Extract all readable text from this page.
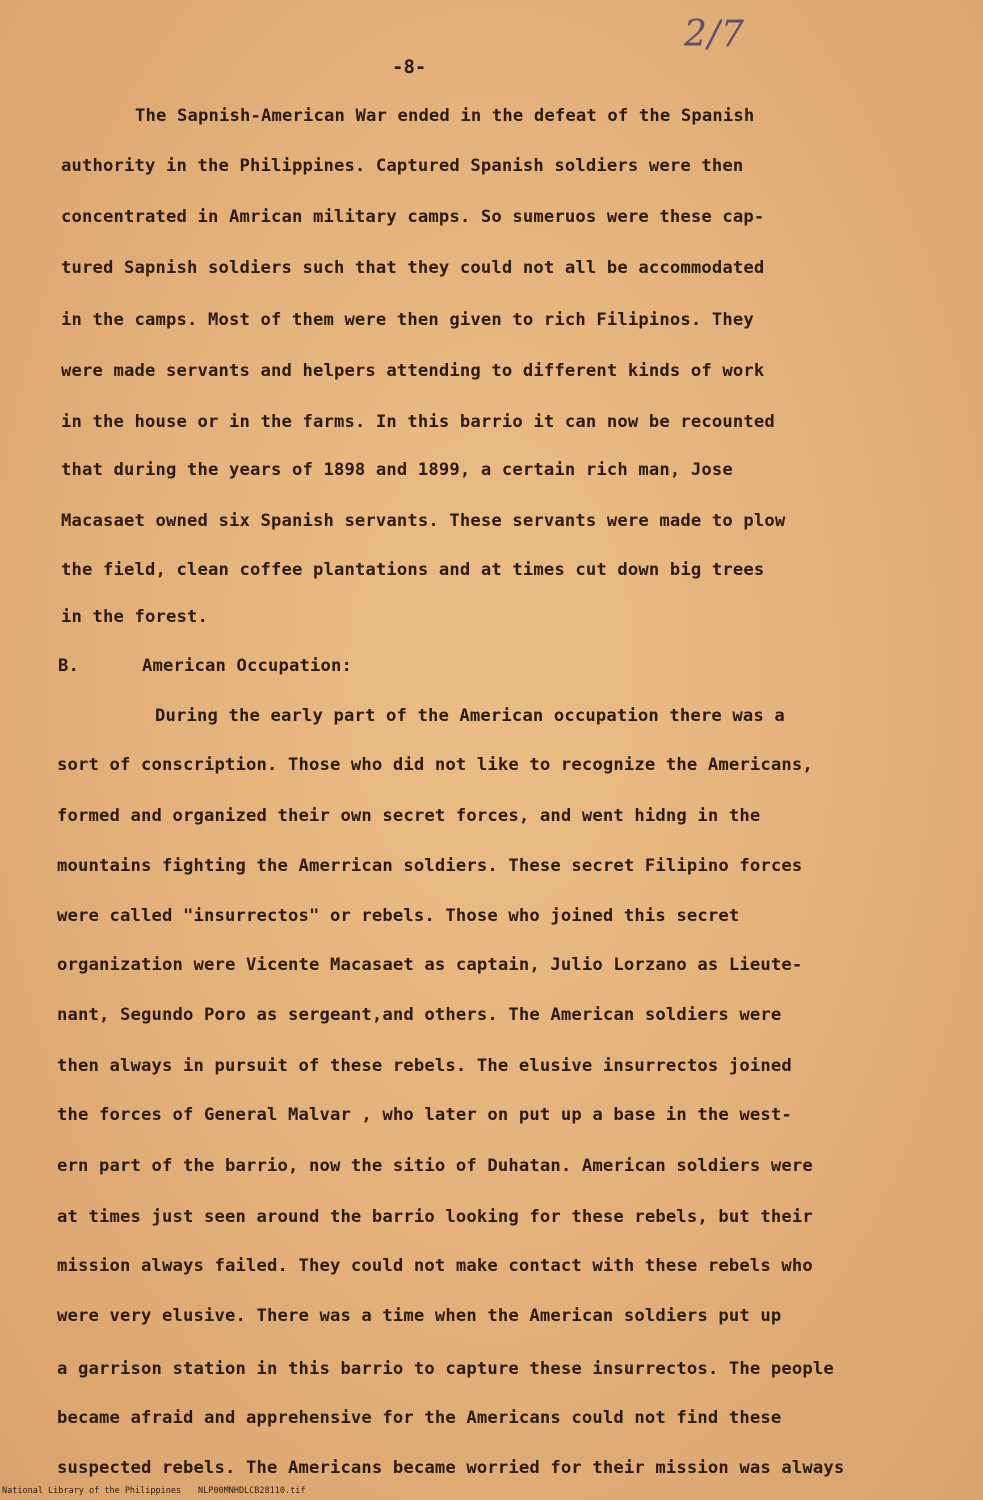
2/7
-8-
The Sapnish-American War ended in the defeat of the Spanish
authority in the Philippines. Captured Spanish soldiers were then
concentrated in Amrican military camps. So sumeruos were these cap-
tured Sapnish soldiers such that they could not all be accommodated
in the camps. Most of them were then given to rich Filipinos. They
were made servants and helpers attending to different kinds of work
in the house or in the farms. In this barrio it can now be recounted
that during the years of 1898 and 1899, a certain rich man, Jose
Macasaet owned six Spanish servants. These servants were made to plow
the field, clean coffee plantations and at times cut down big trees
in the forest.
B.      American Occupation:
During the early part of the American occupation there was a
sort of conscription. Those who did not like to recognize the Americans,
formed and organized their own secret forces, and went hidng in the
mountains fighting the Amerrican soldiers. These secret Filipino forces
were called "insurrectos" or rebels. Those who joined this secret
organization were Vicente Macasaet as captain, Julio Lorzano as Lieute-
nant, Segundo Poro as sergeant,and others. The American soldiers were
then always in pursuit of these rebels. The elusive insurrectos joined
the forces of General Malvar , who later on put up a base in the west-
ern part of the barrio, now the sitio of Duhatan. American soldiers were
at times just seen around the barrio looking for these rebels, but their
mission always failed. They could not make contact with these rebels who
were very elusive. There was a time when the American soldiers put up
a garrison station in this barrio to capture these insurrectos. The people
became afraid and apprehensive for the Americans could not find these
suspected rebels. The Americans became worried for their mission was always
National Library of the Philippines NLP00MNHDLCB28110.tif
